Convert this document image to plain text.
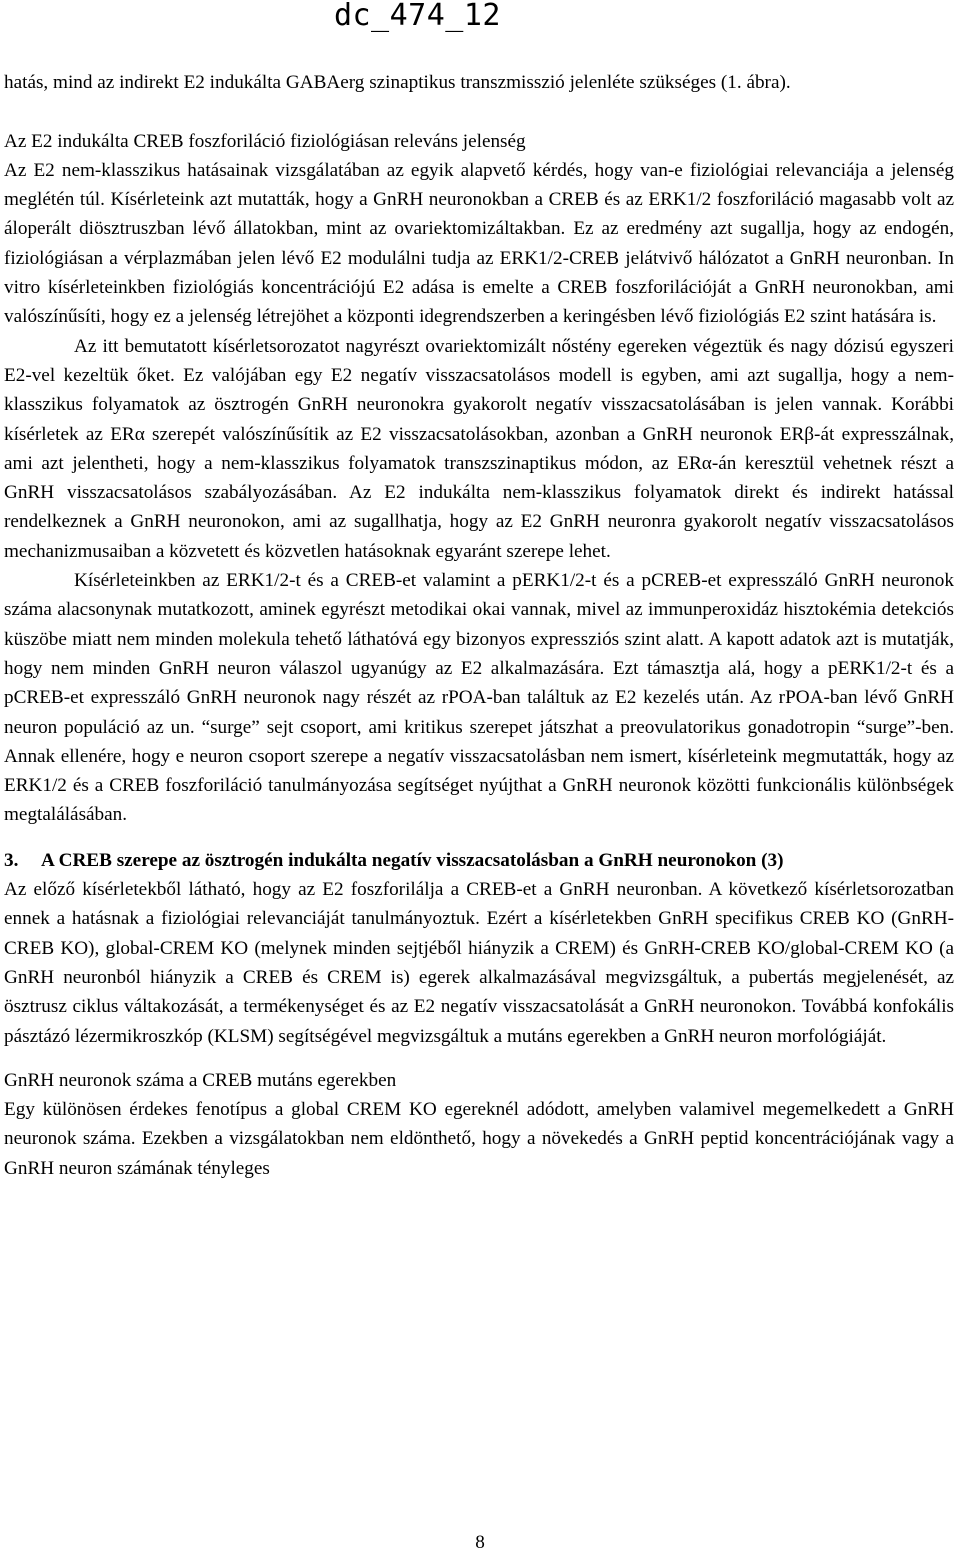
dc_474_12

hatás, mind az indirekt E2 indukálta GABAerg szinaptikus transzmisszió jelenléte szükséges (1. ábra).

Az E2 indukálta CREB foszforiláció fiziológiásan releváns jelenség

Az E2 nem-klasszikus hatásainak vizsgálatában az egyik alapvető kérdés, hogy van-e fiziológiai relevanciája a jelenség meglétén túl. Kísérleteink azt mutatták, hogy a GnRH neuronokban a CREB és az ERK1/2 foszforiláció magasabb volt az áloperált diösztruszban lévő állatokban, mint az ovariektomizáltakban. Ez az eredmény azt sugallja, hogy az endogén, fiziológiásan a vérplazmában jelen lévő E2 modulálni tudja az ERK1/2-CREB jelátvivő hálózatot a GnRH neuronban. In vitro kísérleteinkben fiziológiás koncentrációjú E2 adása is emelte a CREB foszforilációját a GnRH neuronokban, ami valószínűsíti, hogy ez a jelenség létrejöhet a központi idegrendszerben a keringésben lévő fiziológiás E2 szint hatására is.

Az itt bemutatott kísérletsorozatot nagyrészt ovariektomizált nőstény egereken végeztük és nagy dózisú egyszeri E2-vel kezeltük őket. Ez valójában egy E2 negatív visszacsatolásos modell is egyben, ami azt sugallja, hogy a nem-klasszikus folyamatok az ösztrogén GnRH neuronokra gyakorolt negatív visszacsatolásában is jelen vannak. Korábbi kísérletek az ERα szerepét valószínűsítik az E2 visszacsatolásokban, azonban a GnRH neuronok ERβ-át expresszálnak, ami azt jelentheti, hogy a nem-klasszikus folyamatok transzszinaptikus módon, az ERα-án keresztül vehetnek részt a GnRH visszacsatolásos szabályozásában. Az E2 indukálta nem-klasszikus folyamatok direkt és indirekt hatással rendelkeznek a GnRH neuronokon, ami az sugallhatja, hogy az E2 GnRH neuronra gyakorolt negatív visszacsatolásos mechanizmusaiban a közvetett és közvetlen hatásoknak egyaránt szerepe lehet.

Kísérleteinkben az ERK1/2-t és a CREB-et valamint a pERK1/2-t és a pCREB-et expresszáló GnRH neuronok száma alacsonynak mutatkozott, aminek egyrészt metodikai okai vannak, mivel az immunperoxidáz hisztokémia detekciós küszöbe miatt nem minden molekula tehető láthatóvá egy bizonyos expressziós szint alatt. A kapott adatok azt is mutatják, hogy nem minden GnRH neuron válaszol ugyanúgy az E2 alkalmazására. Ezt támasztja alá, hogy a pERK1/2-t és a pCREB-et expresszáló GnRH neuronok nagy részét az rPOA-ban találtuk az E2 kezelés után. Az rPOA-ban lévő GnRH neuron populáció az un. “surge” sejt csoport, ami kritikus szerepet játszhat a preovulatorikus gonadotropin “surge”-ben. Annak ellenére, hogy e neuron csoport szerepe a negatív visszacsatolásban nem ismert, kísérleteink megmutatták, hogy az ERK1/2 és a CREB foszforiláció tanulmányozása segítséget nyújthat a GnRH neuronok közötti funkcionális különbségek megtalálásában.

3.	A CREB szerepe az ösztrogén indukálta negatív visszacsatolásban a GnRH neuronokon (3)

Az előző kísérletekből látható, hogy az E2 foszforilálja a CREB-et a GnRH neuronban. A következő kísérletsorozatban ennek a hatásnak a fiziológiai relevanciáját tanulmányoztuk. Ezért a kísérletekben GnRH specifikus CREB KO (GnRH-CREB KO), global-CREM KO (melynek minden sejtjéből hiányzik a CREM) és GnRH-CREB KO/global-CREM KO (a GnRH neuronból hiányzik a CREB és CREM is) egerek alkalmazásával megvizsgáltuk, a pubertás megjelenését, az ösztrusz ciklus váltakozását, a termékenységet és az E2 negatív visszacsatolását a GnRH neuronokon. Továbbá konfokális pásztázó lézermikroszkóp (KLSM) segítségével megvizsgáltuk a mutáns egerekben a GnRH neuron morfológiáját.

GnRH neuronok száma a CREB mutáns egerekben

Egy különösen érdekes fenotípus a global CREM KO egereknél adódott, amelyben valamivel megemelkedett a GnRH neuronok száma. Ezekben a vizsgálatokban nem eldönthető, hogy a növekedés a GnRH peptid koncentrációjának vagy a GnRH neuron számának tényleges

8
